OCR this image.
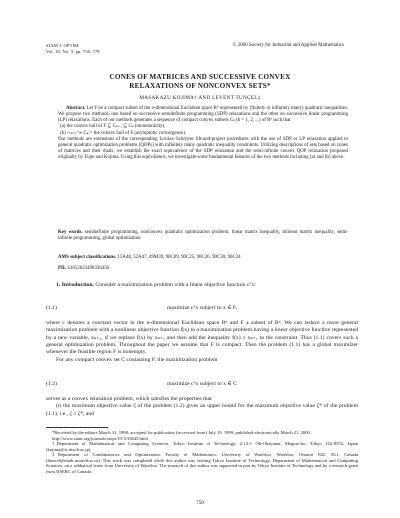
SIAM J. OPTIM.
Vol. 10, No. 3, pp. 750–778
© 2000 Society for Industrial and Applied Mathematics
CONES OF MATRICES AND SUCCESSIVE CONVEX
RELAXATIONS OF NONCONVEX SETS*
MASAKAZU KOJIMA† AND LEVENT TUNÇEL‡

Abstract. Let F be a compact subset of the n-dimensional Euclidean space Rⁿ represented by (finitely or infinitely many) quadratic inequalities. We propose two methods, one based on successive semidefinite programming (SDP) relaxations and the other on successive linear programming (LP) relaxations. Each of our methods generates a sequence of compact convex subsets Cₖ (k = 1, 2, ...) of Rⁿ such that

(a) the convex hull of F ⊆ Cₖ₊₁ ⊆ Cₖ (monotonicity),

(b) ∩ₖ₌₁^∞ Cₖ = the convex hull of F (asymptotic convergence).

Our methods are extensions of the corresponding Lovász–Schrijver lift-and-project procedures with the use of SDP or LP relaxation applied to general quadratic optimization problems (QOPs) with infinitely many quadratic inequality constraints. Utilizing descriptions of sets based on cones of matrices and their duals, we establish the exact equivalence of the SDP relaxation and the semi-infinite convex QOP relaxation proposed originally by Fujie and Kojima. Using this equivalence, we investigate some fundamental features of the two methods including (a) and (b) above.

Key words. semidefinite programming, nonconvex quadratic optimization problem, linear matrix inequality, bilinear matrix inequality, semi-infinite programming, global optimization
AMS subject classifications. 15A48, 52A47, 49M39, 90C09, 90C25, 90C26, 90C30, 90C34
PII. S1052623498336450

1. Introduction. Consider a maximization problem with a linear objective function cᵀx:

(1.1)	maximize cᵀx subject to x ∈ F,

where c denotes a constant vector in the n-dimensional Euclidean space Rⁿ and F a subset of Rⁿ. We can reduce a more general maximization problem with a nonlinear objective function f(x) to a maximization problem having a linear objective function represented by a new variable, xₙ₊₁, if we replace f(x) by xₙ₊₁ and then add the inequality f(x) ≥ xₙ₊₁ to the constraint. Thus (1.1) covers such a general optimization problem. Throughout the paper we assume that F is compact. Then the problem (1.1) has a global maximizer whenever the feasible region F is nonempty.

For any compact convex set C containing F, the maximization problem

(1.2)	maximize cᵀx subject to x ∈ C

serves as a convex relaxation problem, which satisfies the properties that

(i) the maximum objective value ζ of the problem (1.2) gives an upper bound for the maximum objective value ζ* of the problem (1.1), i.e., ζ ≥ ζ*, and

*Received by the editors March 31, 1998; accepted for publication (in revised form) July 19, 1999; published electronically March 21, 2000.

http://www.siam.org/journals/siopt/10-3/33645.html

†Department of Mathematical and Computing Sciences, Tokyo Institute of Technology, 2-12-1 Oh-Okayama, Meguro-ku, Tokyo 152-8552, Japan (kojima@is.titech.ac.jp).

‡Department of Combinatorics and Optimization, Faculty of Mathematics, University of Waterloo, Waterloo, Ontario N2L 3G1, Canada (ltuncel@math.uwaterloo.ca). This work was completed while this author was visiting Tokyo Institute of Technology, Department of Mathematical and Computing Sciences, on a sabbatical leave from University of Waterloo. The research of this author was supported in part by Tokyo Institute of Technology and by a research grant from NSERC of Canada.

750
